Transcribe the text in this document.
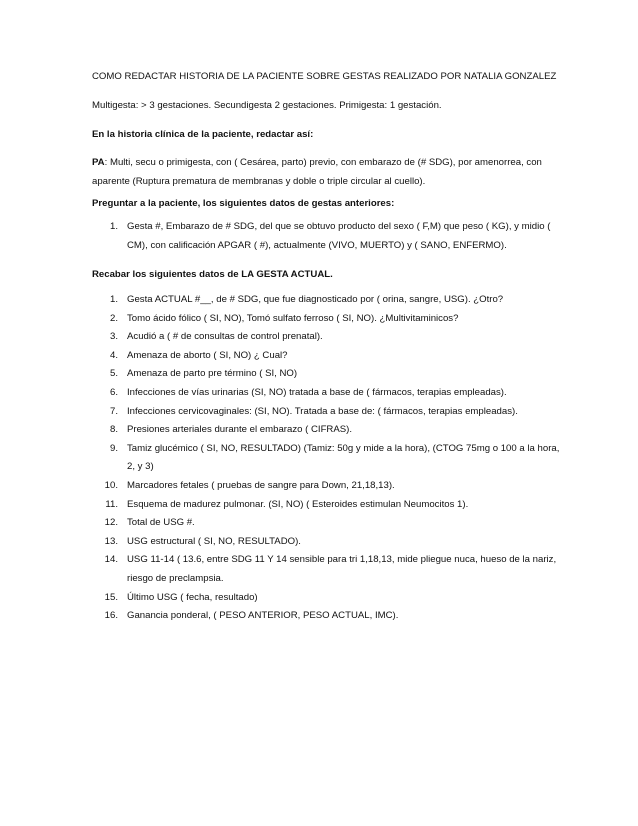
COMO REDACTAR HISTORIA DE LA PACIENTE SOBRE GESTAS REALIZADO POR NATALIA GONZALEZ

Multigesta: > 3 gestaciones. Secundigesta 2 gestaciones. Primigesta: 1 gestación.

En la historia clínica de la paciente, redactar así:

PA: Multi, secu o primigesta, con ( Cesárea, parto) previo, con embarazo de (# SDG), por amenorrea, con aparente (Ruptura prematura de membranas y doble o triple circular al cuello).

Preguntar a la paciente, los siguientes datos de gestas anteriores:

1. Gesta #, Embarazo de # SDG, del que se obtuvo producto del sexo ( F,M) que peso ( KG), y midio ( CM), con calificación APGAR ( #), actualmente (VIVO, MUERTO) y ( SANO, ENFERMO).

Recabar los siguientes datos de LA GESTA ACTUAL.

1. Gesta ACTUAL #__, de # SDG, que fue diagnosticado por ( orina, sangre, USG). ¿Otro?
2. Tomo ácido fólico ( SI, NO), Tomó sulfato ferroso ( SI, NO). ¿Multivitaminicos?
3. Acudió a ( # de consultas de control prenatal).
4. Amenaza de aborto ( SI, NO) ¿ Cual?
5. Amenaza de parto pre término ( SI, NO)
6. Infecciones de vías urinarias (SI, NO) tratada a base de ( fármacos, terapias empleadas).
7. Infecciones cervicovaginales: (SI, NO). Tratada a base de: ( fármacos, terapias empleadas).
8. Presiones arteriales durante el embarazo ( CIFRAS).
9. Tamiz glucémico ( SI, NO, RESULTADO) (Tamiz: 50g y mide a la hora), (CTOG 75mg o 100 a la hora, 2, y 3)
10. Marcadores fetales ( pruebas de sangre para Down, 21,18,13).
11. Esquema de madurez pulmonar. (SI, NO) ( Esteroides estimulan Neumocitos 1).
12. Total de USG #.
13. USG estructural ( SI, NO, RESULTADO).
14. USG 11-14 ( 13.6, entre SDG 11 Y 14 sensible para tri 1,18,13, mide pliegue nuca, hueso de la nariz, riesgo de preclampsia.
15. Último USG ( fecha, resultado)
16. Ganancia ponderal, ( PESO ANTERIOR, PESO ACTUAL, IMC).
